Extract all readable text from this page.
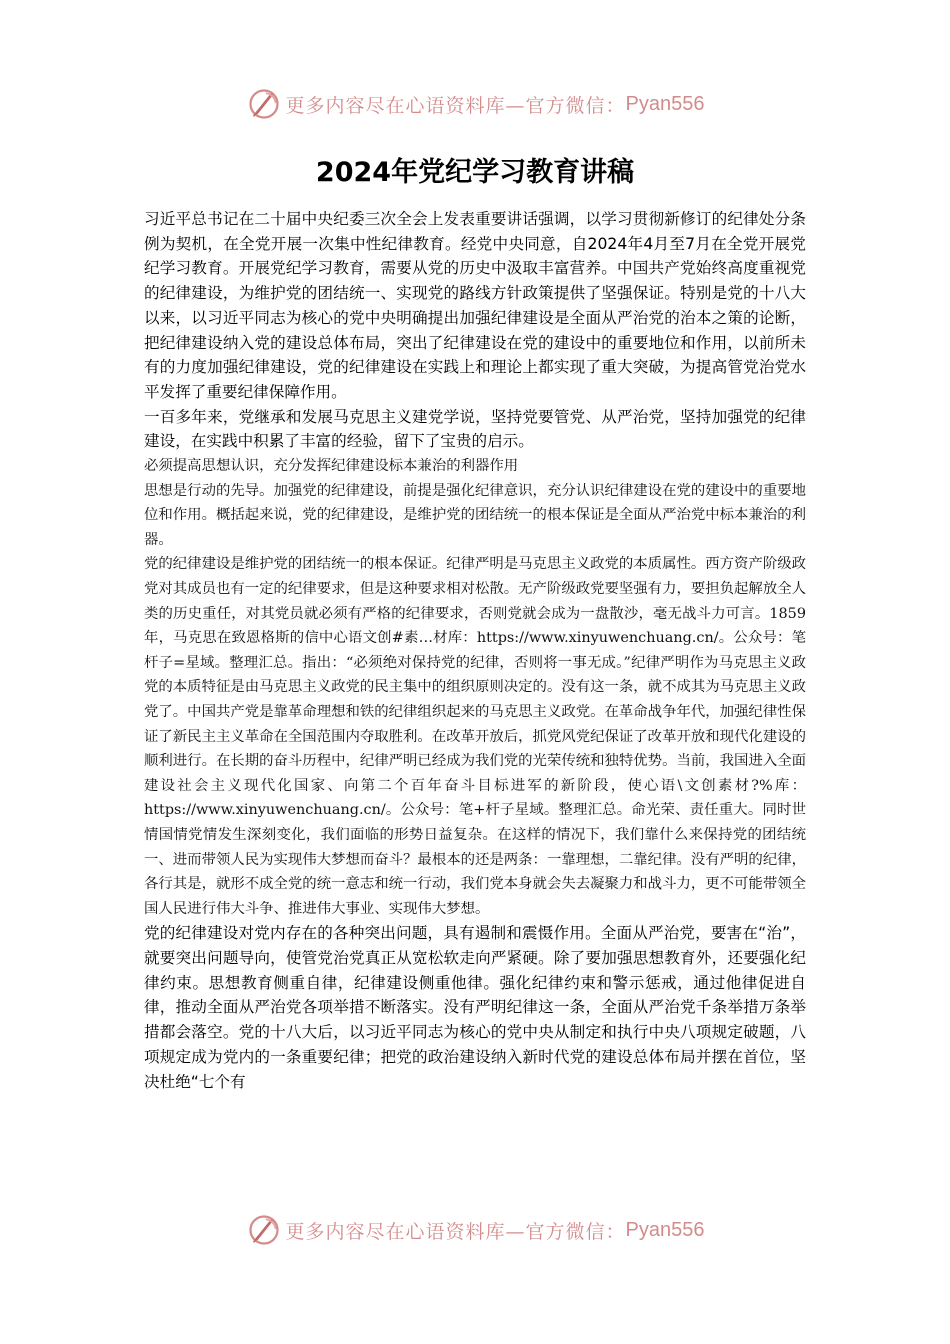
更多内容尽在心语资料库—官方微信： Pyan556
2024年党纪学习教育讲稿

习近平总书记在二十届中央纪委三次全会上发表重要讲话强调，以学习贯彻新修订的纪律处分条例为契机，在全党开展一次集中性纪律教育。经党中央同意，自2024年4月至7月在全党开展党纪学习教育。开展党纪学习教育，需要从党的历史中汲取丰富营养。中国共产党始终高度重视党的纪律建设，为维护党的团结统一、实现党的路线方针政策提供了坚强保证。特别是党的十八大以来，以习近平同志为核心的党中央明确提出加强纪律建设是全面从严治党的治本之策的论断，把纪律建设纳入党的建设总体布局，突出了纪律建设在党的建设中的重要地位和作用，以前所未有的力度加强纪律建设，党的纪律建设在实践上和理论上都实现了重大突破，为提高管党治党水平发挥了重要纪律保障作用。

一百多年来，党继承和发展马克思主义建党学说，坚持党要管党、从严治党，坚持加强党的纪律建设，在实践中积累了丰富的经验，留下了宝贵的启示。

必须提高思想认识，充分发挥纪律建设标本兼治的利器作用

思想是行动的先导。加强党的纪律建设，前提是强化纪律意识，充分认识纪律建设在党的建设中的重要地位和作用。概括起来说，党的纪律建设，是维护党的团结统一的根本保证是全面从严治党中标本兼治的利器。

党的纪律建设是维护党的团结统一的根本保证。纪律严明是马克思主义政党的本质属性。西方资产阶级政党对其成员也有一定的纪律要求，但是这种要求相对松散。无产阶级政党要坚强有力，要担负起解放全人类的历史重任，对其党员就必须有严格的纪律要求，否则党就会成为一盘散沙，毫无战斗力可言。1859年，马克思在致恩格斯的信中心语文创#素…材库：https://www.xinyuwenchuang.cn/。公众号：笔杆子=星域。整理汇总。指出：“必须绝对保持党的纪律，否则将一事无成。”纪律严明作为马克思主义政党的本质特征是由马克思主义政党的民主集中的组织原则决定的。没有这一条，就不成其为马克思主义政党了。中国共产党是靠革命理想和铁的纪律组织起来的马克思主义政党。在革命战争年代，加强纪律性保证了新民主主义革命在全国范围内夺取胜利。在改革开放后，抓党风党纪保证了改革开放和现代化建设的顺利进行。在长期的奋斗历程中，纪律严明已经成为我们党的光荣传统和独特优势。当前，我国进入全面建设社会主义现代化国家、向第二个百年奋斗目标进军的新阶段，使心语\文创素材?%库：https://www.xinyuwenchuang.cn/。公众号：笔+杆子星域。整理汇总。命光荣、责任重大。同时世情国情党情发生深刻变化，我们面临的形势日益复杂。在这样的情况下，我们靠什么来保持党的团结统一、进而带领人民为实现伟大梦想而奋斗？最根本的还是两条：一靠理想，二靠纪律。没有严明的纪律，各行其是，就形不成全党的统一意志和统一行动，我们党本身就会失去凝聚力和战斗力，更不可能带领全国人民进行伟大斗争、推进伟大事业、实现伟大梦想。

党的纪律建设对党内存在的各种突出问题，具有遏制和震慑作用。全面从严治党，要害在“治”，就要突出问题导向，使管党治党真正从宽松软走向严紧硬。除了要加强思想教育外，还要强化纪律约束。思想教育侧重自律，纪律建设侧重他律。强化纪律约束和警示惩戒，通过他律促进自律，推动全面从严治党各项举措不断落实。没有严明纪律这一条，全面从严治党千条举措万条举措都会落空。党的十八大后，以习近平同志为核心的党中央从制定和执行中央八项规定破题，八项规定成为党内的一条重要纪律；把党的政治建设纳入新时代党的建设总体布局并摆在首位，坚决杜绝“七个有

更多内容尽在心语资料库—官方微信： Pyan556
